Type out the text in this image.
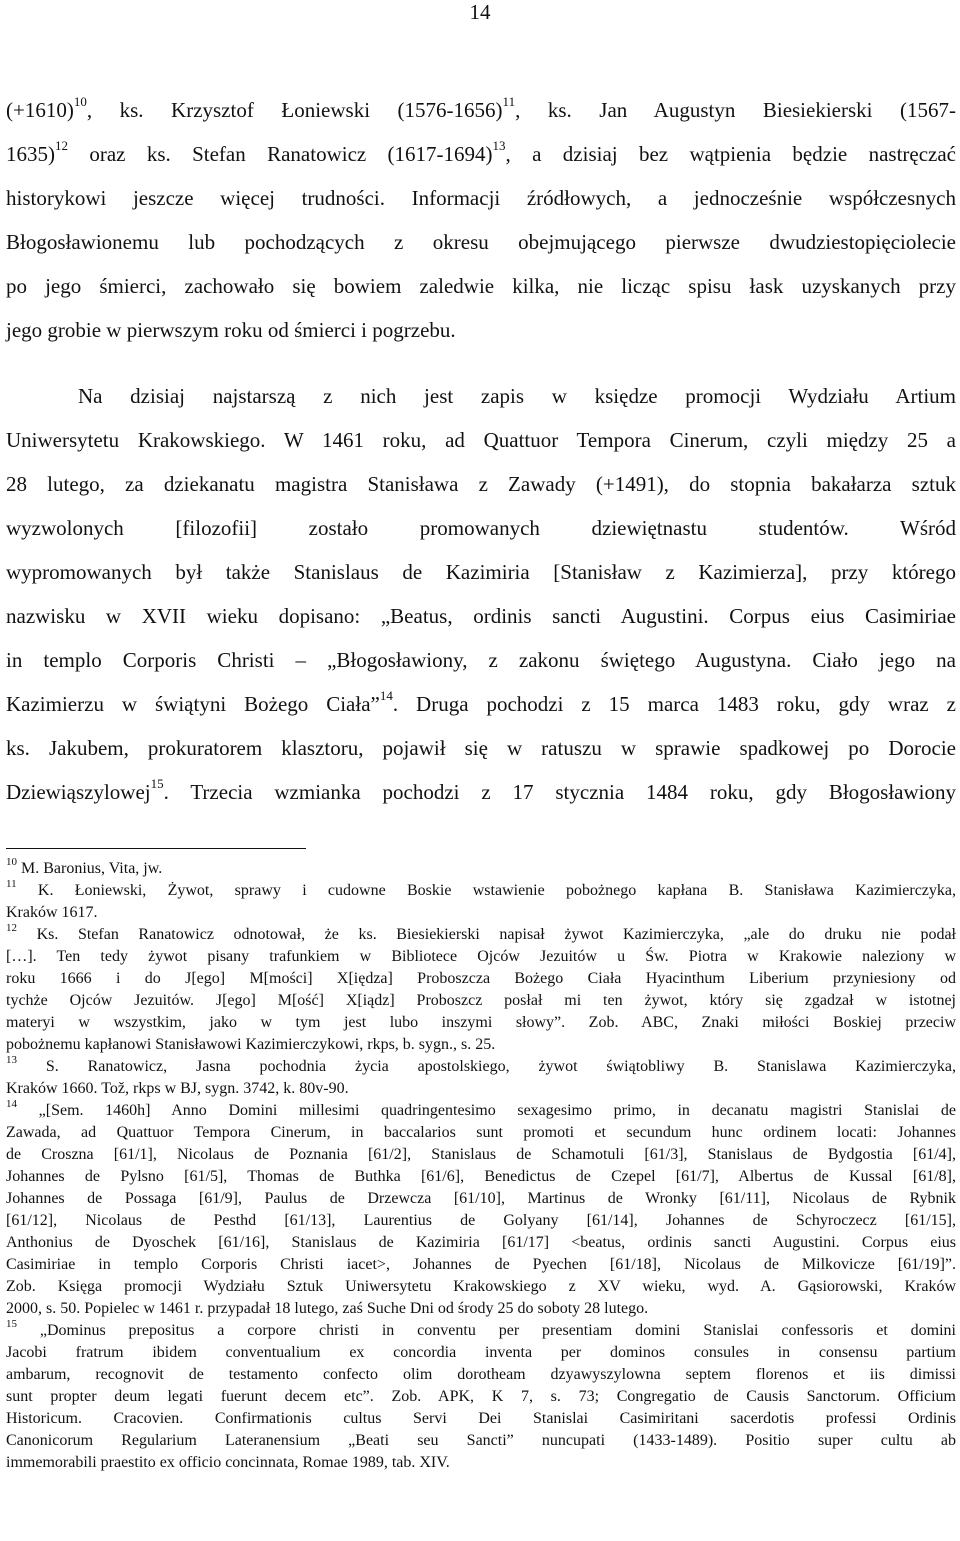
14
$(+1610)^{10}$, ks. Krzysztof Łoniewski (1576-1656)$^{11}$, ks. Jan Augustyn Biesiekierski (1567-
1635)$^{12}$ oraz ks. Stefan Ranatowicz (1617-1694)$^{13}$, a dzisiaj bez wątpienia będzie nastręczać
historykowi jeszcze więcej trudności. Informacji źródłowych, a jednocześnie współczesnych
Błogosławionemu lub pochodzących z okresu obejmującego pierwsze dwudziestopięciolecie
po jego śmierci, zachowało się bowiem zaledwie kilka, nie licząc spisu łask uzyskanych przy
jego grobie w pierwszym roku od śmierci i pogrzebu.
Na dzisiaj najstarszą z nich jest zapis w księdze promocji Wydziału Artium
Uniwersytetu Krakowskiego. W 1461 roku, ad Quattuor Tempora Cinerum, czyli między 25 a
28 lutego, za dziekanatu magistra Stanisława z Zawady (+1491), do stopnia bakałarza sztuk
wyzwolonych [filozofii] zostało promowanych dziewiętnastu studentów. Wśród
wypromowanych był także Stanislaus de Kazimiria [Stanisław z Kazimierza], przy którego
nazwisku w XVII wieku dopisano: „Beatus, ordinis sancti Augustini. Corpus eius Casimiriae
in templo Corporis Christi – „Błogosławiony, z zakonu świętego Augustyna. Ciało jego na
Kazimierzu w świątyni Bożego Ciała”$^{14}$. Druga pochodzi z 15 marca 1483 roku, gdy wraz z
ks. Jakubem, prokuratorem klasztoru, pojawił się w ratuszu w sprawie spadkowej po Dorocie
Dziewiąszylowej$^{15}$. Trzecia wzmianka pochodzi z 17 stycznia 1484 roku, gdy Błogosławiony
$^{10}$ M. Baronius, Vita, jw.
$^{11}$ K. Łoniewski, Żywot, sprawy i cudowne Boskie wstawienie pobożnego kapłana B. Stanisława Kazimierczyka,
Kraków 1617.
$^{12}$ Ks. Stefan Ranatowicz odnotował, że ks. Biesiekierski napisał żywot Kazimierczyka, „ale do druku nie podał
[…]. Ten tedy żywot pisany trafunkiem w Bibliotece Ojców Jezuitów u Św. Piotra w Krakowie naleziony w
roku 1666 i do J[ego] M[mości] X[iędza] Proboszcza Bożego Ciała Hyacinthum Liberium przyniesiony od
tychże Ojców Jezuitów. J[ego] M[ość] X[iądz] Proboszcz posłał mi ten żywot, który się zgadzał w istotnej
materyi w wszystkim, jako w tym jest lubo inszymi słowy”. Zob. ABC, Znaki miłości Boskiej przeciw
pobożnemu kapłanowi Stanisławowi Kazimierczykowi, rkps, b. sygn., s. 25.
$^{13}$ S. Ranatowicz, Jasna pochodnia życia apostolskiego, żywot świątobliwy B. Stanislawa Kazimierczyka,
Kraków 1660. Tož, rkps w BJ, sygn. 3742, k. 80v-90.
$^{14}$ „[Sem. 1460h] Anno Domini millesimi quadringentesimo sexagesimo primo, in decanatu magistri Stanislai de
Zawada, ad Quattuor Tempora Cinerum, in baccalarios sunt promoti et secundum hunc ordinem locati: Johannes
de Croszna [61/1], Nicolaus de Poznania [61/2], Stanislaus de Schamotuli [61/3], Stanislaus de Bydgostia [61/4],
Johannes de Pylsno [61/5], Thomas de Buthka [61/6], Benedictus de Czepel [61/7], Albertus de Kussal [61/8],
Johannes de Possaga [61/9], Paulus de Drzewcza [61/10], Martinus de Wronky [61/11], Nicolaus de Rybnik
[61/12], Nicolaus de Pesthd [61/13], Laurentius de Golyany [61/14], Johannes de Schyroczecz [61/15],
Anthonius de Dyoschek [61/16], Stanislaus de Kazimiria [61/17] <beatus, ordinis sancti Augustini. Corpus eius
Casimiriae in templo Corporis Christi iacet>, Johannes de Pyechen [61/18], Nicolaus de Milkovicze [61/19]”.
Zob. Księga promocji Wydziału Sztuk Uniwersytetu Krakowskiego z XV wieku, wyd. A. Gąsiorowski, Kraków
2000, s. 50. Popielec w 1461 r. przypadał 18 lutego, zaś Suche Dni od środy 25 do soboty 28 lutego.
$^{15}$ „Dominus prepositus a corpore christi in conventu per presentiam domini Stanislai confessoris et domini
Jacobi fratrum ibidem conventualium ex concordia inventa per dominos consules in consensu partium
ambarum, recognovit de testamento confecto olim dorotheam dzyawyszylowna septem florenos et iis dimissi
sunt propter deum legati fuerunt decem etc”. Zob. APK, K 7, s. 73; Congregatio de Causis Sanctorum. Officium
Historicum. Cracovien. Confirmationis cultus Servi Dei Stanislai Casimiritani sacerdotis professi Ordinis
Canonicorum Regularium Lateranensium „Beati seu Sancti” nuncupati (1433-1489). Positio super cultu ab
immemorabili praestito ex officio concinnata, Romae 1989, tab. XIV.
